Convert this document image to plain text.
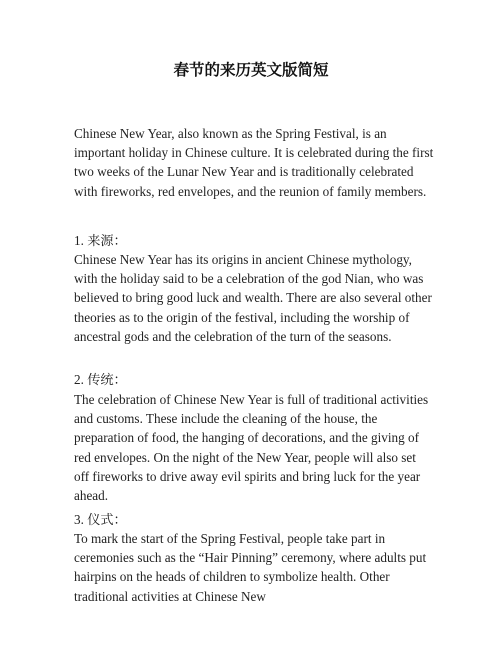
春节的来历英文版简短

Chinese New Year, also known as the Spring Festival, is an important holiday in Chinese culture. It is celebrated during the first two weeks of the Lunar New Year and is traditionally celebrated with fireworks, red envelopes, and the reunion of family members.

1. 来源：

Chinese New Year has its origins in ancient Chinese mythology, with the holiday said to be a celebration of the god Nian, who was believed to bring good luck and wealth. There are also several other theories as to the origin of the festival, including the worship of ancestral gods and the celebration of the turn of the seasons.

2. 传统：

The celebration of Chinese New Year is full of traditional activities and customs. These include the cleaning of the house, the preparation of food, the hanging of decorations, and the giving of red envelopes. On the night of the New Year, people will also set off fireworks to drive away evil spirits and bring luck for the year ahead.

3. 仪式：

To mark the start of the Spring Festival, people take part in ceremonies such as the “Hair Pinning” ceremony, where adults put hairpins on the heads of children to symbolize health. Other traditional activities at Chinese New
